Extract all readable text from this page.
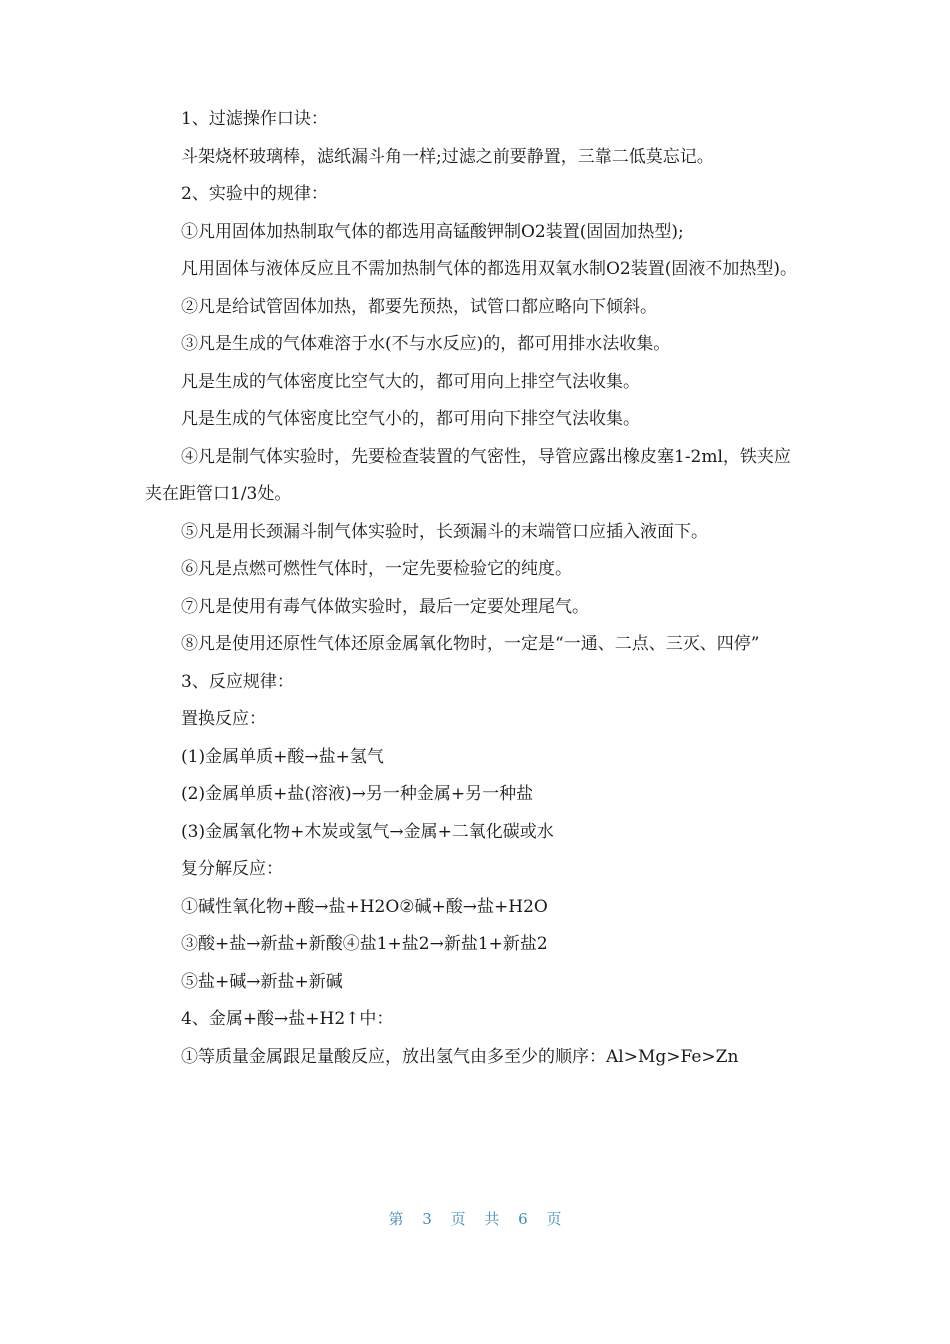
1、过滤操作口诀：

斗架烧杯玻璃棒，滤纸漏斗角一样;过滤之前要静置，三靠二低莫忘记。

2、实验中的规律：

①凡用固体加热制取气体的都选用高锰酸钾制O2装置(固固加热型);

凡用固体与液体反应且不需加热制气体的都选用双氧水制O2装置(固液不加热型)。

②凡是给试管固体加热，都要先预热，试管口都应略向下倾斜。

③凡是生成的气体难溶于水(不与水反应)的，都可用排水法收集。

凡是生成的气体密度比空气大的，都可用向上排空气法收集。

凡是生成的气体密度比空气小的，都可用向下排空气法收集。

④凡是制气体实验时，先要检查装置的气密性，导管应露出橡皮塞1-2ml，铁夹应夹在距管口1/3处。

⑤凡是用长颈漏斗制气体实验时，长颈漏斗的末端管口应插入液面下。

⑥凡是点燃可燃性气体时，一定先要检验它的纯度。

⑦凡是使用有毒气体做实验时，最后一定要处理尾气。

⑧凡是使用还原性气体还原金属氧化物时，一定是“一通、二点、三灭、四停”

3、反应规律：

置换反应：

(1)金属单质+酸→盐+氢气

(2)金属单质+盐(溶液)→另一种金属+另一种盐

(3)金属氧化物+木炭或氢气→金属+二氧化碳或水

复分解反应：

①碱性氧化物+酸→盐+H2O②碱+酸→盐+H2O

③酸+盐→新盐+新酸④盐1+盐2→新盐1+新盐2

⑤盐+碱→新盐+新碱

4、金属+酸→盐+H2↑中：

①等质量金属跟足量酸反应，放出氢气由多至少的顺序：Al>Mg>Fe>Zn

第 3 页 共 6 页
